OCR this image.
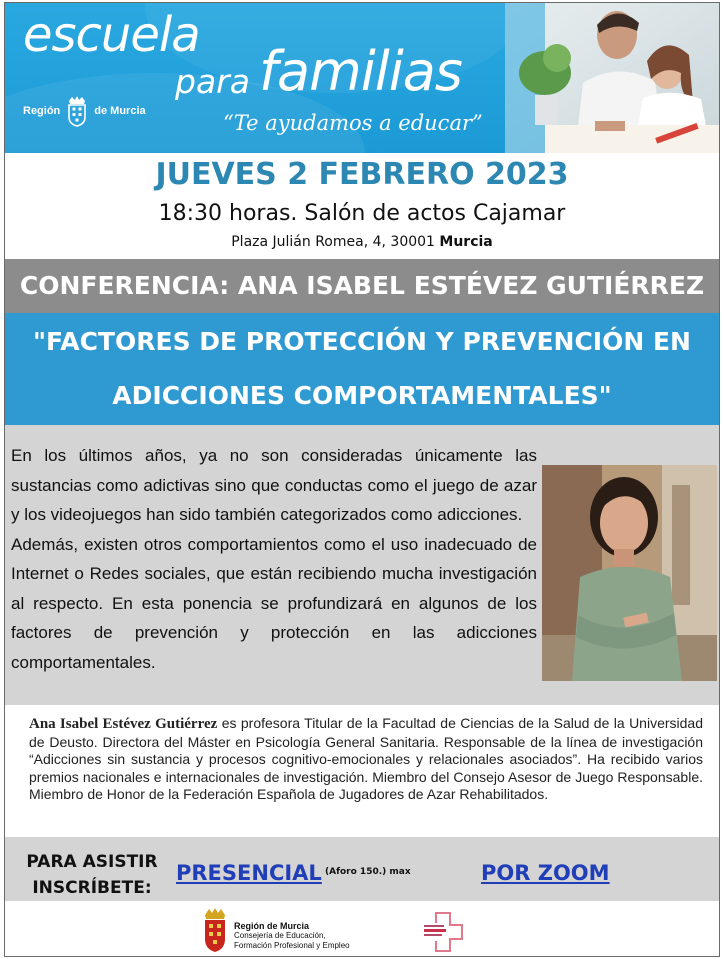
escuela
para familias
“Te ayudamos a educar”
Región	de Murcia
JUEVES 2 FEBRERO 2023
18:30 horas. Salón de actos Cajamar
Plaza Julián Romea, 4, 30001 Murcia
CONFERENCIA: ANA ISABEL ESTÉVEZ GUTIÉRREZ
"FACTORES DE PROTECCIÓN Y PREVENCIÓN EN
ADICCIONES COMPORTAMENTALES"

En los últimos años, ya no son consideradas únicamente las sustancias como adictivas sino que conductas como el juego de azar y los videojuegos han sido también categorizados como adicciones.

Además, existen otros comportamientos como el uso inadecuado de Internet o Redes sociales, que están recibiendo mucha investigación al respecto. En esta ponencia se profundizará en algunos de los factores de prevención y protección en las adicciones comportamentales.

Ana Isabel Estévez Gutiérrez es profesora Titular de la Facultad de Ciencias de la Salud de la Universidad de Deusto. Directora del Máster en Psicología General Sanitaria. Responsable de la línea de investigación “Adicciones sin sustancia y procesos cognitivo-emocionales y relacionales asociados”. Ha recibido varios premios nacionales e internacionales de investigación. Miembro del Consejo Asesor de Juego Responsable. Miembro de Honor de la Federación Española de Jugadores de Azar Rehabilitados.
PARA ASISTIR
INSCRÍBETE:
PRESENCIAL (Aforo 150.) max	POR ZOOM
Región de Murcia
Consejería de Educación,
Formación Profesional y Empleo
